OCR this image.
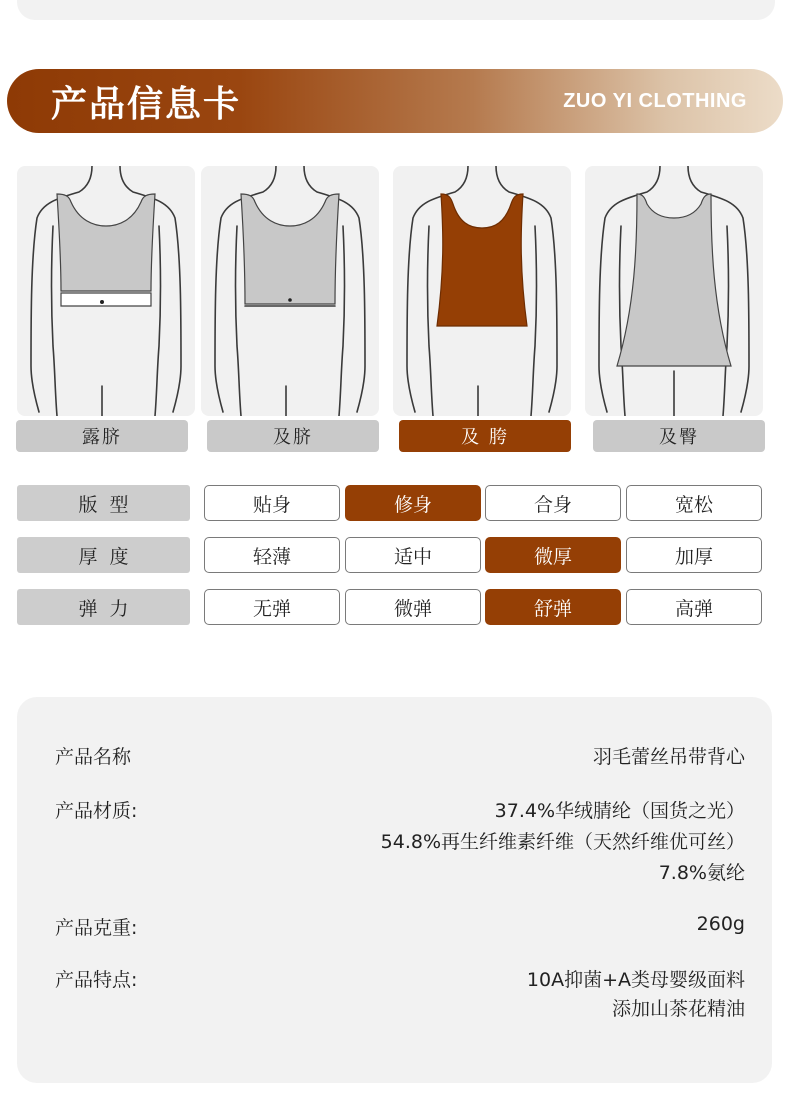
产品信息卡	ZUO YI CLOTHING
露脐	及脐	及 胯	及臀
版型	贴身	修身	合身	宽松
厚度	轻薄	适中	微厚	加厚
弹力	无弹	微弹	舒弹	高弹
产品名称	羽毛蕾丝吊带背心
产品材质:	37.4%华绒腈纶（国货之光）
54.8%再生纤维素纤维（天然纤维优可丝）
7.8%氨纶
产品克重:	260g
产品特点:	10A抑菌+A类母婴级面料
添加山茶花精油
